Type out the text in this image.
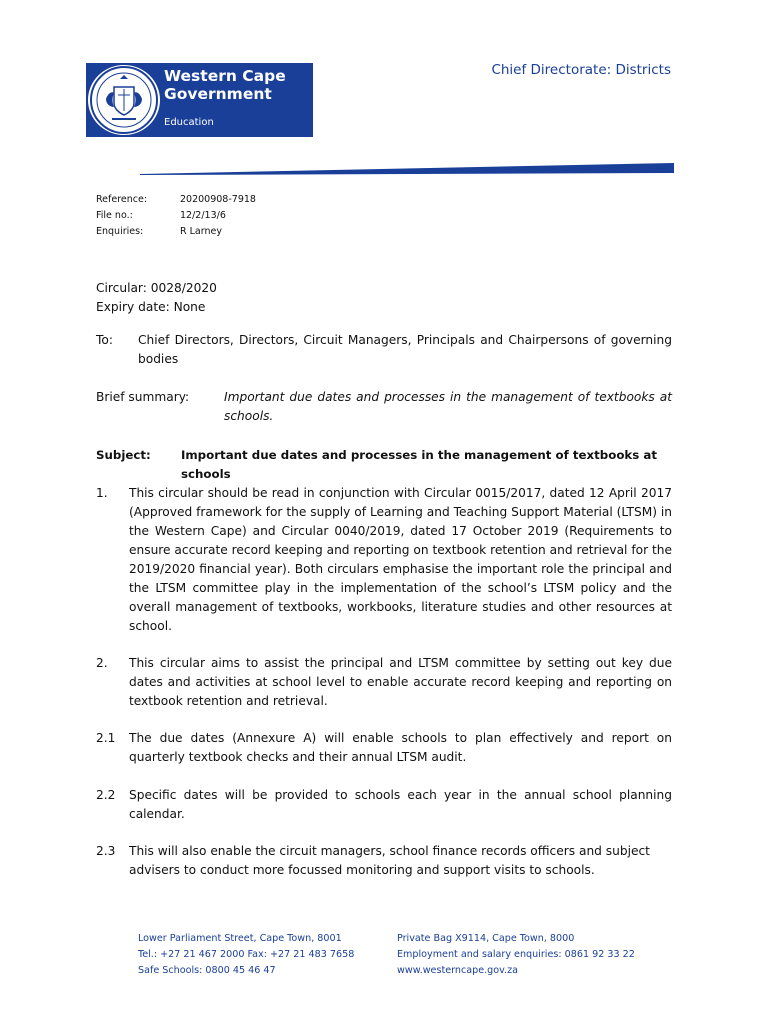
Western Cape
Government
Education
Chief Directorate: Districts
Reference:	20200908-7918
File no.:	12/2/13/6
Enquiries:	R Larney
Circular: 0028/2020
Expiry date: None
To:	Chief Directors, Directors, Circuit Managers, Principals and Chairpersons of governing bodies
Brief summary:	Important due dates and processes in the management of textbooks at schools.
Subject:	Important due dates and processes in the management of textbooks at schools
1.	This circular should be read in conjunction with Circular 0015/2017, dated 12 April 2017 (Approved framework for the supply of Learning and Teaching Support Material (LTSM) in the Western Cape) and Circular 0040/2019, dated 17 October 2019 (Requirements to ensure accurate record keeping and reporting on textbook retention and retrieval for the 2019/2020 financial year). Both circulars emphasise the important role the principal and the LTSM committee play in the implementation of the school’s LTSM policy and the overall management of textbooks, workbooks, literature studies and other resources at school.
2.	This circular aims to assist the principal and LTSM committee by setting out key due dates and activities at school level to enable accurate record keeping and reporting on textbook retention and retrieval.
2.1	The due dates (Annexure A) will enable schools to plan effectively and report on quarterly textbook checks and their annual LTSM audit.
2.2	Specific dates will be provided to schools each year in the annual school planning calendar.
2.3	This will also enable the circuit managers, school finance records officers and subject advisers to conduct more focussed monitoring and support visits to schools.
Lower Parliament Street, Cape Town, 8001
Tel.: +27 21 467 2000 Fax: +27 21 483 7658
Safe Schools: 0800 45 46 47
Private Bag X9114, Cape Town, 8000
Employment and salary enquiries: 0861 92 33 22
www.westerncape.gov.za
